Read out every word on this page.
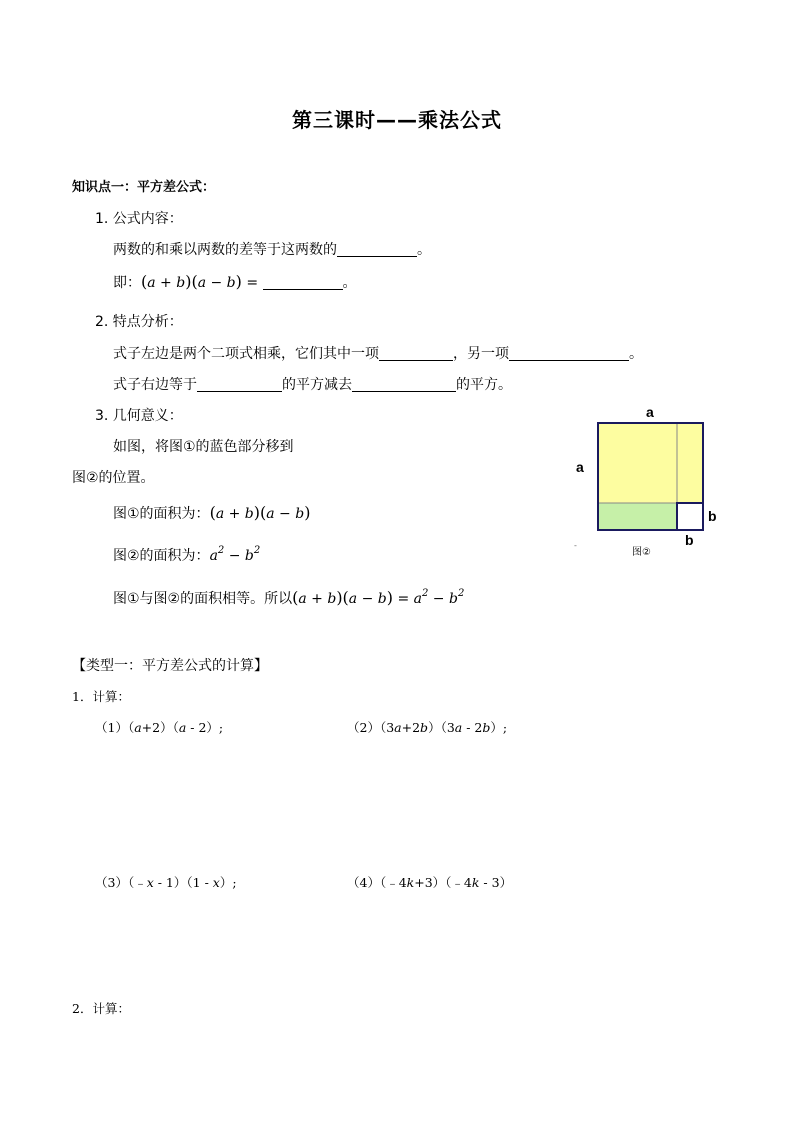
第三课时——乘法公式
知识点一：平方差公式：
1. 公式内容：
两数的和乘以两数的差等于这两数的	。
即：(a + b)(a − b) =	。
2. 特点分析：
式子左边是两个二项式相乘，它们其中一项	，另一项	。
式子右边等于	的平方减去	的平方。
3. 几何意义：
如图，将图①的蓝色部分移到
图②的位置。
图①的面积为：(a + b)(a − b)
图②的面积为：$a^2 - b^2$
图①与图②的面积相等。所以$(a + b)(a - b) = a^2 - b^2$
a
a
b
b
图②
-
【类型一：平方差公式的计算】
1．计算：
（1）（a+2）（a - 2）;	（2）（3a+2b）（3a - 2b）;
（3）（﹣x - 1）（1 - x）;	（4）（﹣4k+3）（﹣4k - 3）
2．计算：
